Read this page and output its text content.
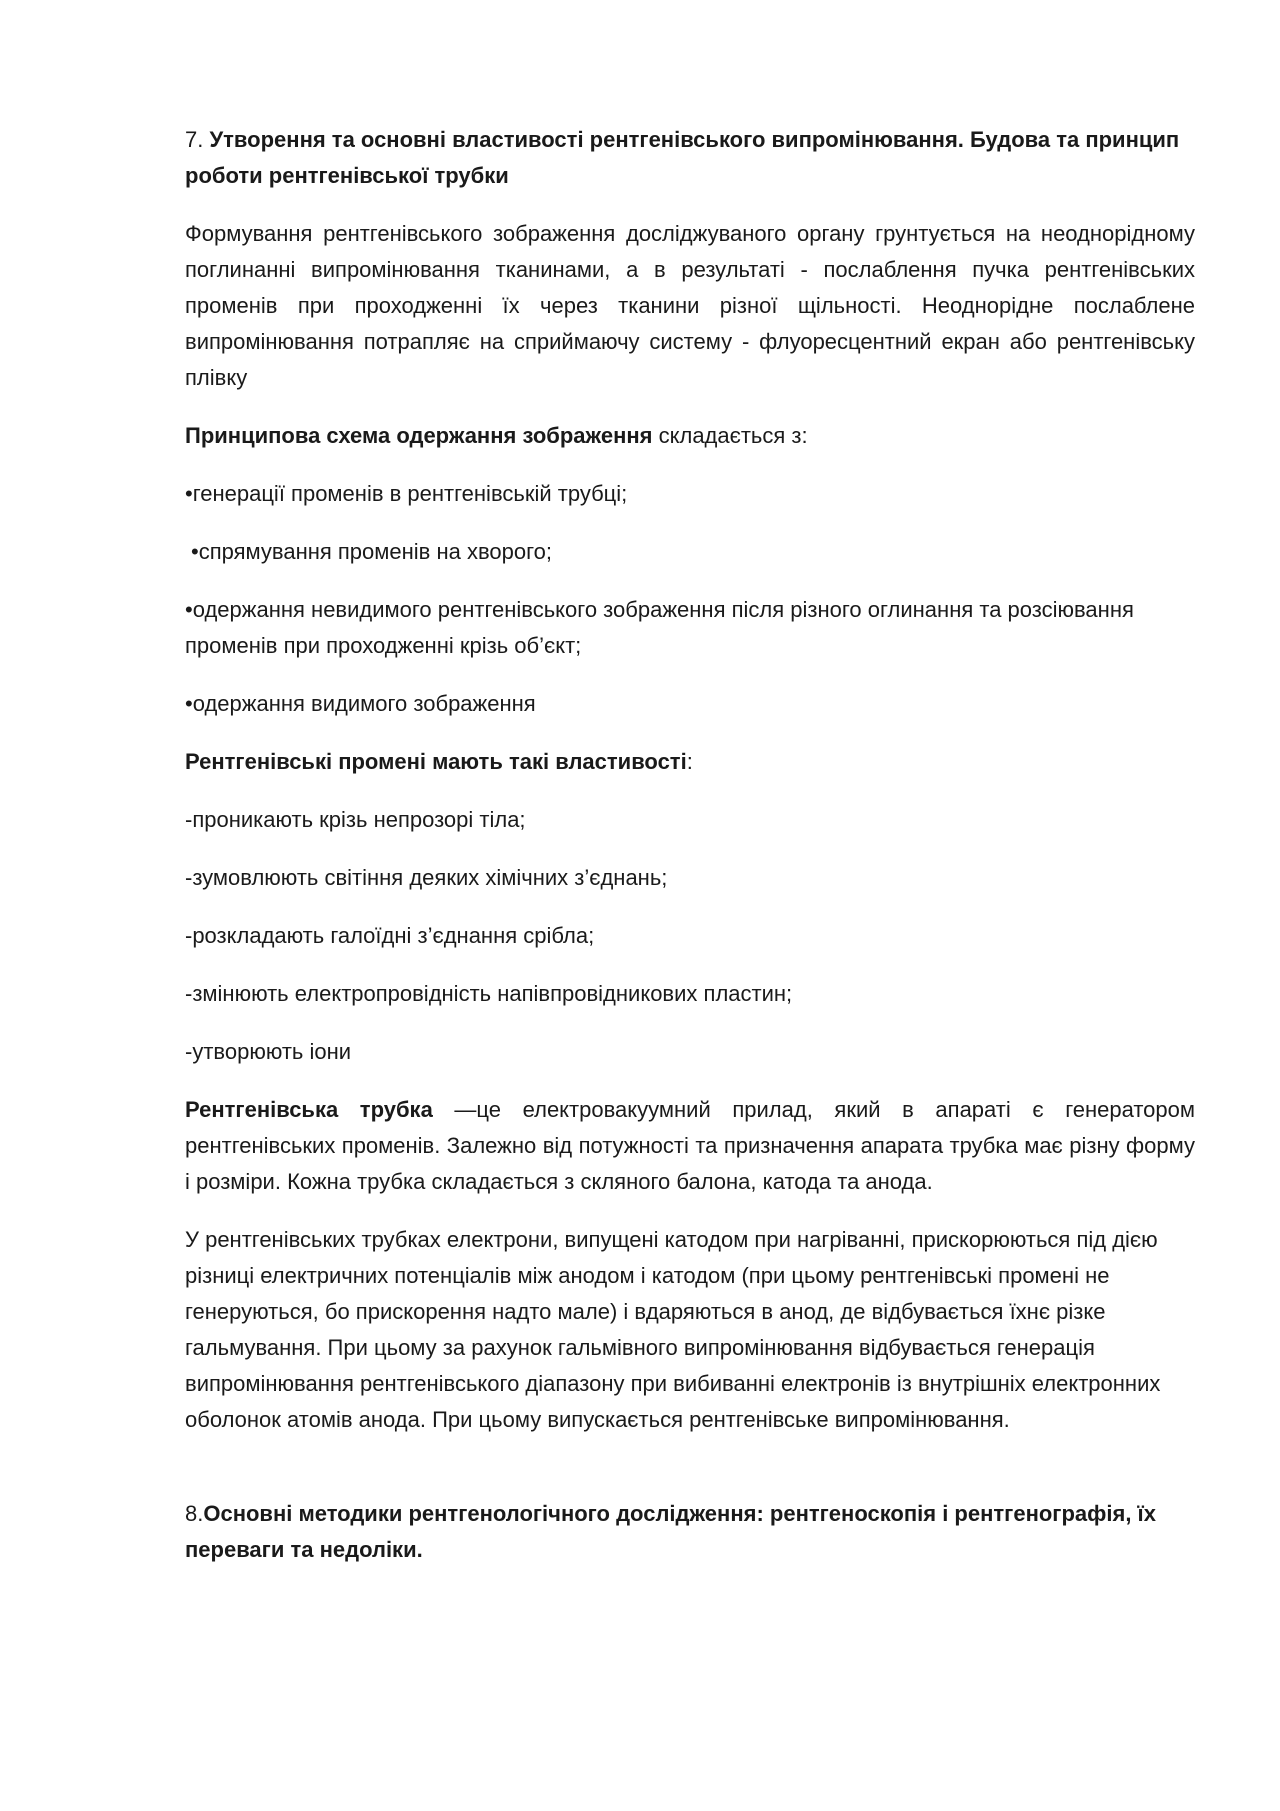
7. Утворення та основні властивості рентгенівського випромінювання. Будова та принцип роботи рентгенівської трубки

Формування рентгенівського зображення досліджуваного органу грунтується на неоднорідному поглинанні випромінювання тканинами, а в результаті - послаблення пучка рентгенівських променів при проходженні їх через тканини різної щільності. Неоднорідне послаблене випромінювання потрапляє на сприймаючу систему - флуоресцентний екран або рентгенівську плівку

Принципова схема одержання зображення складається з:

•генерації променів в рентгенівській трубці;

•спрямування променів на хворого;

•одержання невидимого рентгенівського зображення після різного оглинання та розсіювання променів при проходженні крізь об’єкт;

•одержання видимого зображення

Рентгенівські промені мають такі властивості:

-проникають крізь непрозорі тіла;

-зумовлюють світіння деяких хімічних з’єднань;

-розкладають галоїдні з’єднання срібла;

-змінюють електропровідність напівпровідникових пластин;

-утворюють іони

Рентгенівська трубка —це електровакуумний прилад, який в апараті є генератором рентгенівських променів. Залежно від потужності та призначення апарата трубка має різну форму і розміри. Кожна трубка складається з скляного балона, катода та анода.

У рентгенівських трубках електрони, випущені катодом при нагріванні, прискорюються під дією різниці електричних потенціалів між анодом і катодом (при цьому рентгенівські промені не генеруються, бо прискорення надто мале) і вдаряються в анод, де відбувається їхнє різке гальмування. При цьому за рахунок гальмівного випромінювання відбувається генерація випромінювання рентгенівського діапазону при вибиванні електронів із внутрішніх електронних оболонок атомів анода. При цьому випускається рентгенівське випромінювання.

8.Основні методики рентгенологічного дослідження: рентгеноскопія і рентгенографія, їх переваги та недоліки.
